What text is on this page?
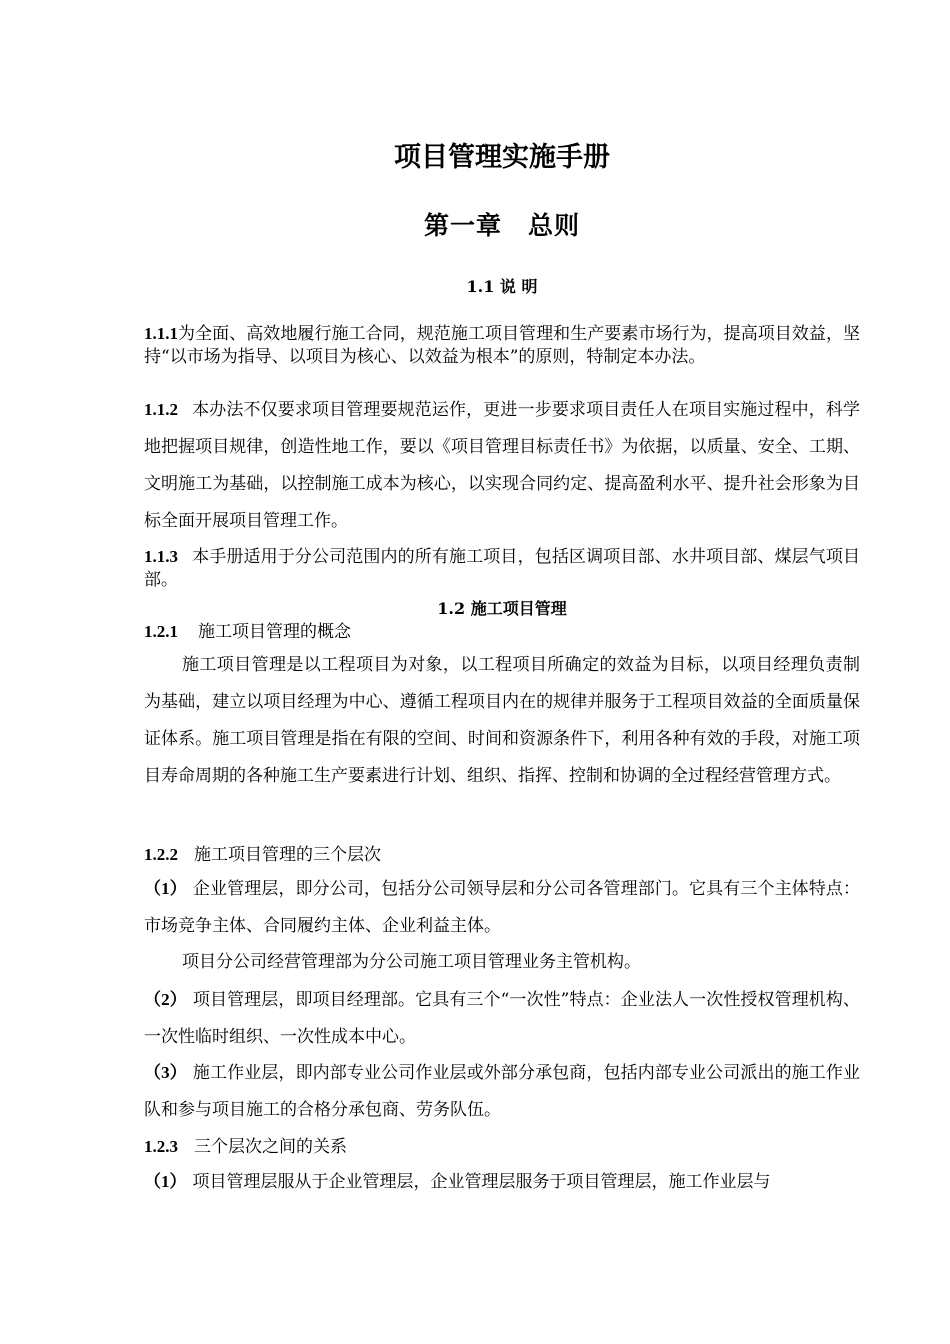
项目管理实施手册
第一章　总则
1.1 说 明
1.1.1为全面、高效地履行施工合同，规范施工项目管理和生产要素市场行为，提高项目效益，坚持“以市场为指导、以项目为核心、以效益为根本”的原则，特制定本办法。
1.1.2 本办法不仅要求项目管理要规范运作，更进一步要求项目责任人在项目实施过程中，科学地把握项目规律，创造性地工作，要以《项目管理目标责任书》为依据，以质量、安全、工期、文明施工为基础，以控制施工成本为核心，以实现合同约定、提高盈利水平、提升社会形象为目标全面开展项目管理工作。
1.1.3 本手册适用于分公司范围内的所有施工项目，包括区调项目部、水井项目部、煤层气项目部。
1.2 施工项目管理
1.2.1 施工项目管理的概念
施工项目管理是以工程项目为对象，以工程项目所确定的效益为目标，以项目经理负责制为基础，建立以项目经理为中心、遵循工程项目内在的规律并服务于工程项目效益的全面质量保证体系。施工项目管理是指在有限的空间、时间和资源条件下，利用各种有效的手段，对施工项目寿命周期的各种施工生产要素进行计划、组织、指挥、控制和协调的全过程经营管理方式。
1.2.2 施工项目管理的三个层次
（1） 企业管理层，即分公司，包括分公司领导层和分公司各管理部门。它具有三个主体特点：市场竞争主体、合同履约主体、企业利益主体。
项目分公司经营管理部为分公司施工项目管理业务主管机构。
（2） 项目管理层，即项目经理部。它具有三个“一次性”特点：企业法人一次性授权管理机构、一次性临时组织、一次性成本中心。
（3） 施工作业层，即内部专业公司作业层或外部分承包商，包括内部专业公司派出的施工作业队和参与项目施工的合格分承包商、劳务队伍。
1.2.3 三个层次之间的关系
（1） 项目管理层服从于企业管理层，企业管理层服务于项目管理层，施工作业层与
